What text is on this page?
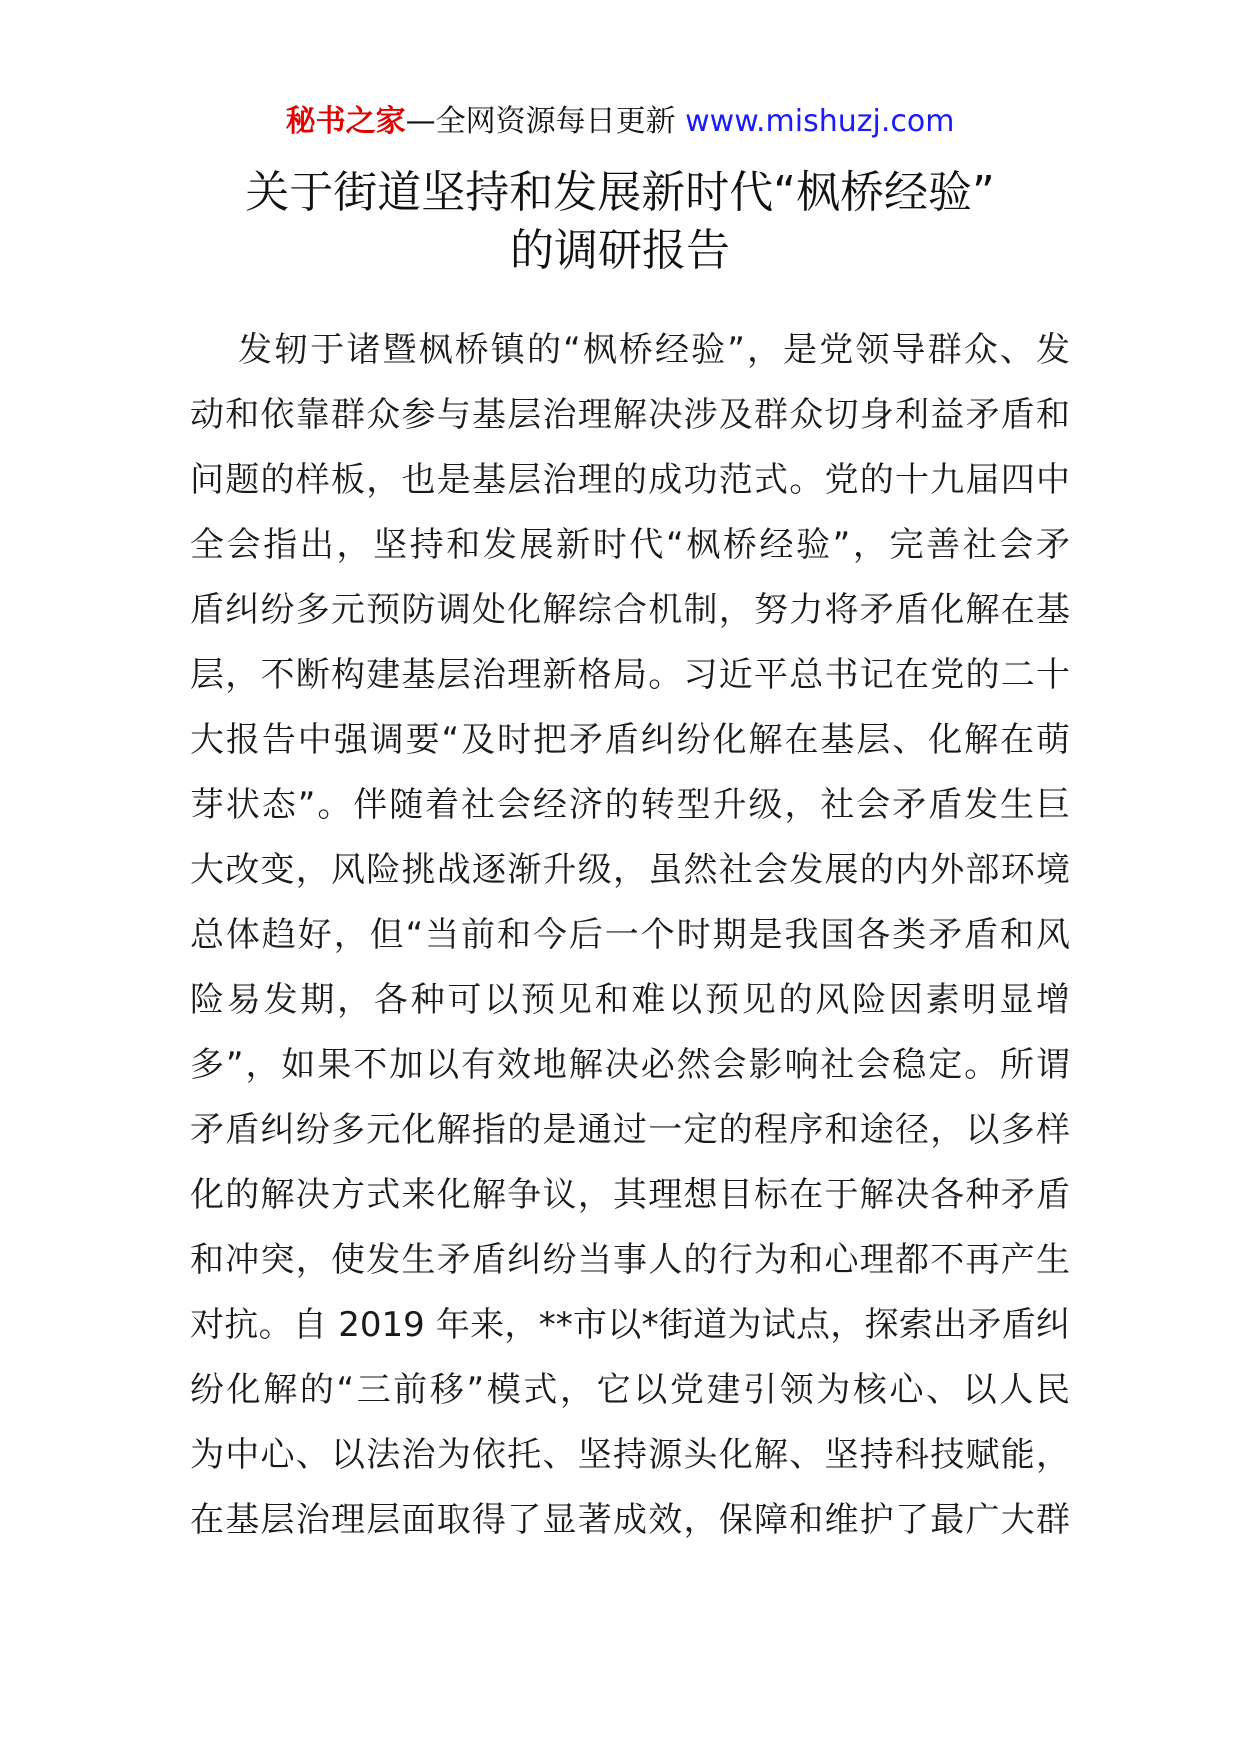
秘书之家—全网资源每日更新 www.mishuzj.com
关于街道坚持和发展新时代“枫桥经验”
的调研报告
发轫于诸暨枫桥镇的“枫桥经验”，是党领导群众、发
动和依靠群众参与基层治理解决涉及群众切身利益矛盾和
问题的样板，也是基层治理的成功范式。党的十九届四中
全会指出，坚持和发展新时代“枫桥经验”，完善社会矛
盾纠纷多元预防调处化解综合机制，努力将矛盾化解在基
层，不断构建基层治理新格局。习近平总书记在党的二十
大报告中强调要“及时把矛盾纠纷化解在基层、化解在萌
芽状态”。伴随着社会经济的转型升级，社会矛盾发生巨
大改变，风险挑战逐渐升级，虽然社会发展的内外部环境
总体趋好，但“当前和今后一个时期是我国各类矛盾和风
险易发期，各种可以预见和难以预见的风险因素明显增
多”，如果不加以有效地解决必然会影响社会稳定。所谓
矛盾纠纷多元化解指的是通过一定的程序和途径，以多样
化的解决方式来化解争议，其理想目标在于解决各种矛盾
和冲突，使发生矛盾纠纷当事人的行为和心理都不再产生
对抗。自 2019 年来，**市以*街道为试点，探索出矛盾纠
纷化解的“三前移”模式，它以党建引领为核心、以人民
为中心、以法治为依托、坚持源头化解、坚持科技赋能，
在基层治理层面取得了显著成效，保障和维护了最广大群
